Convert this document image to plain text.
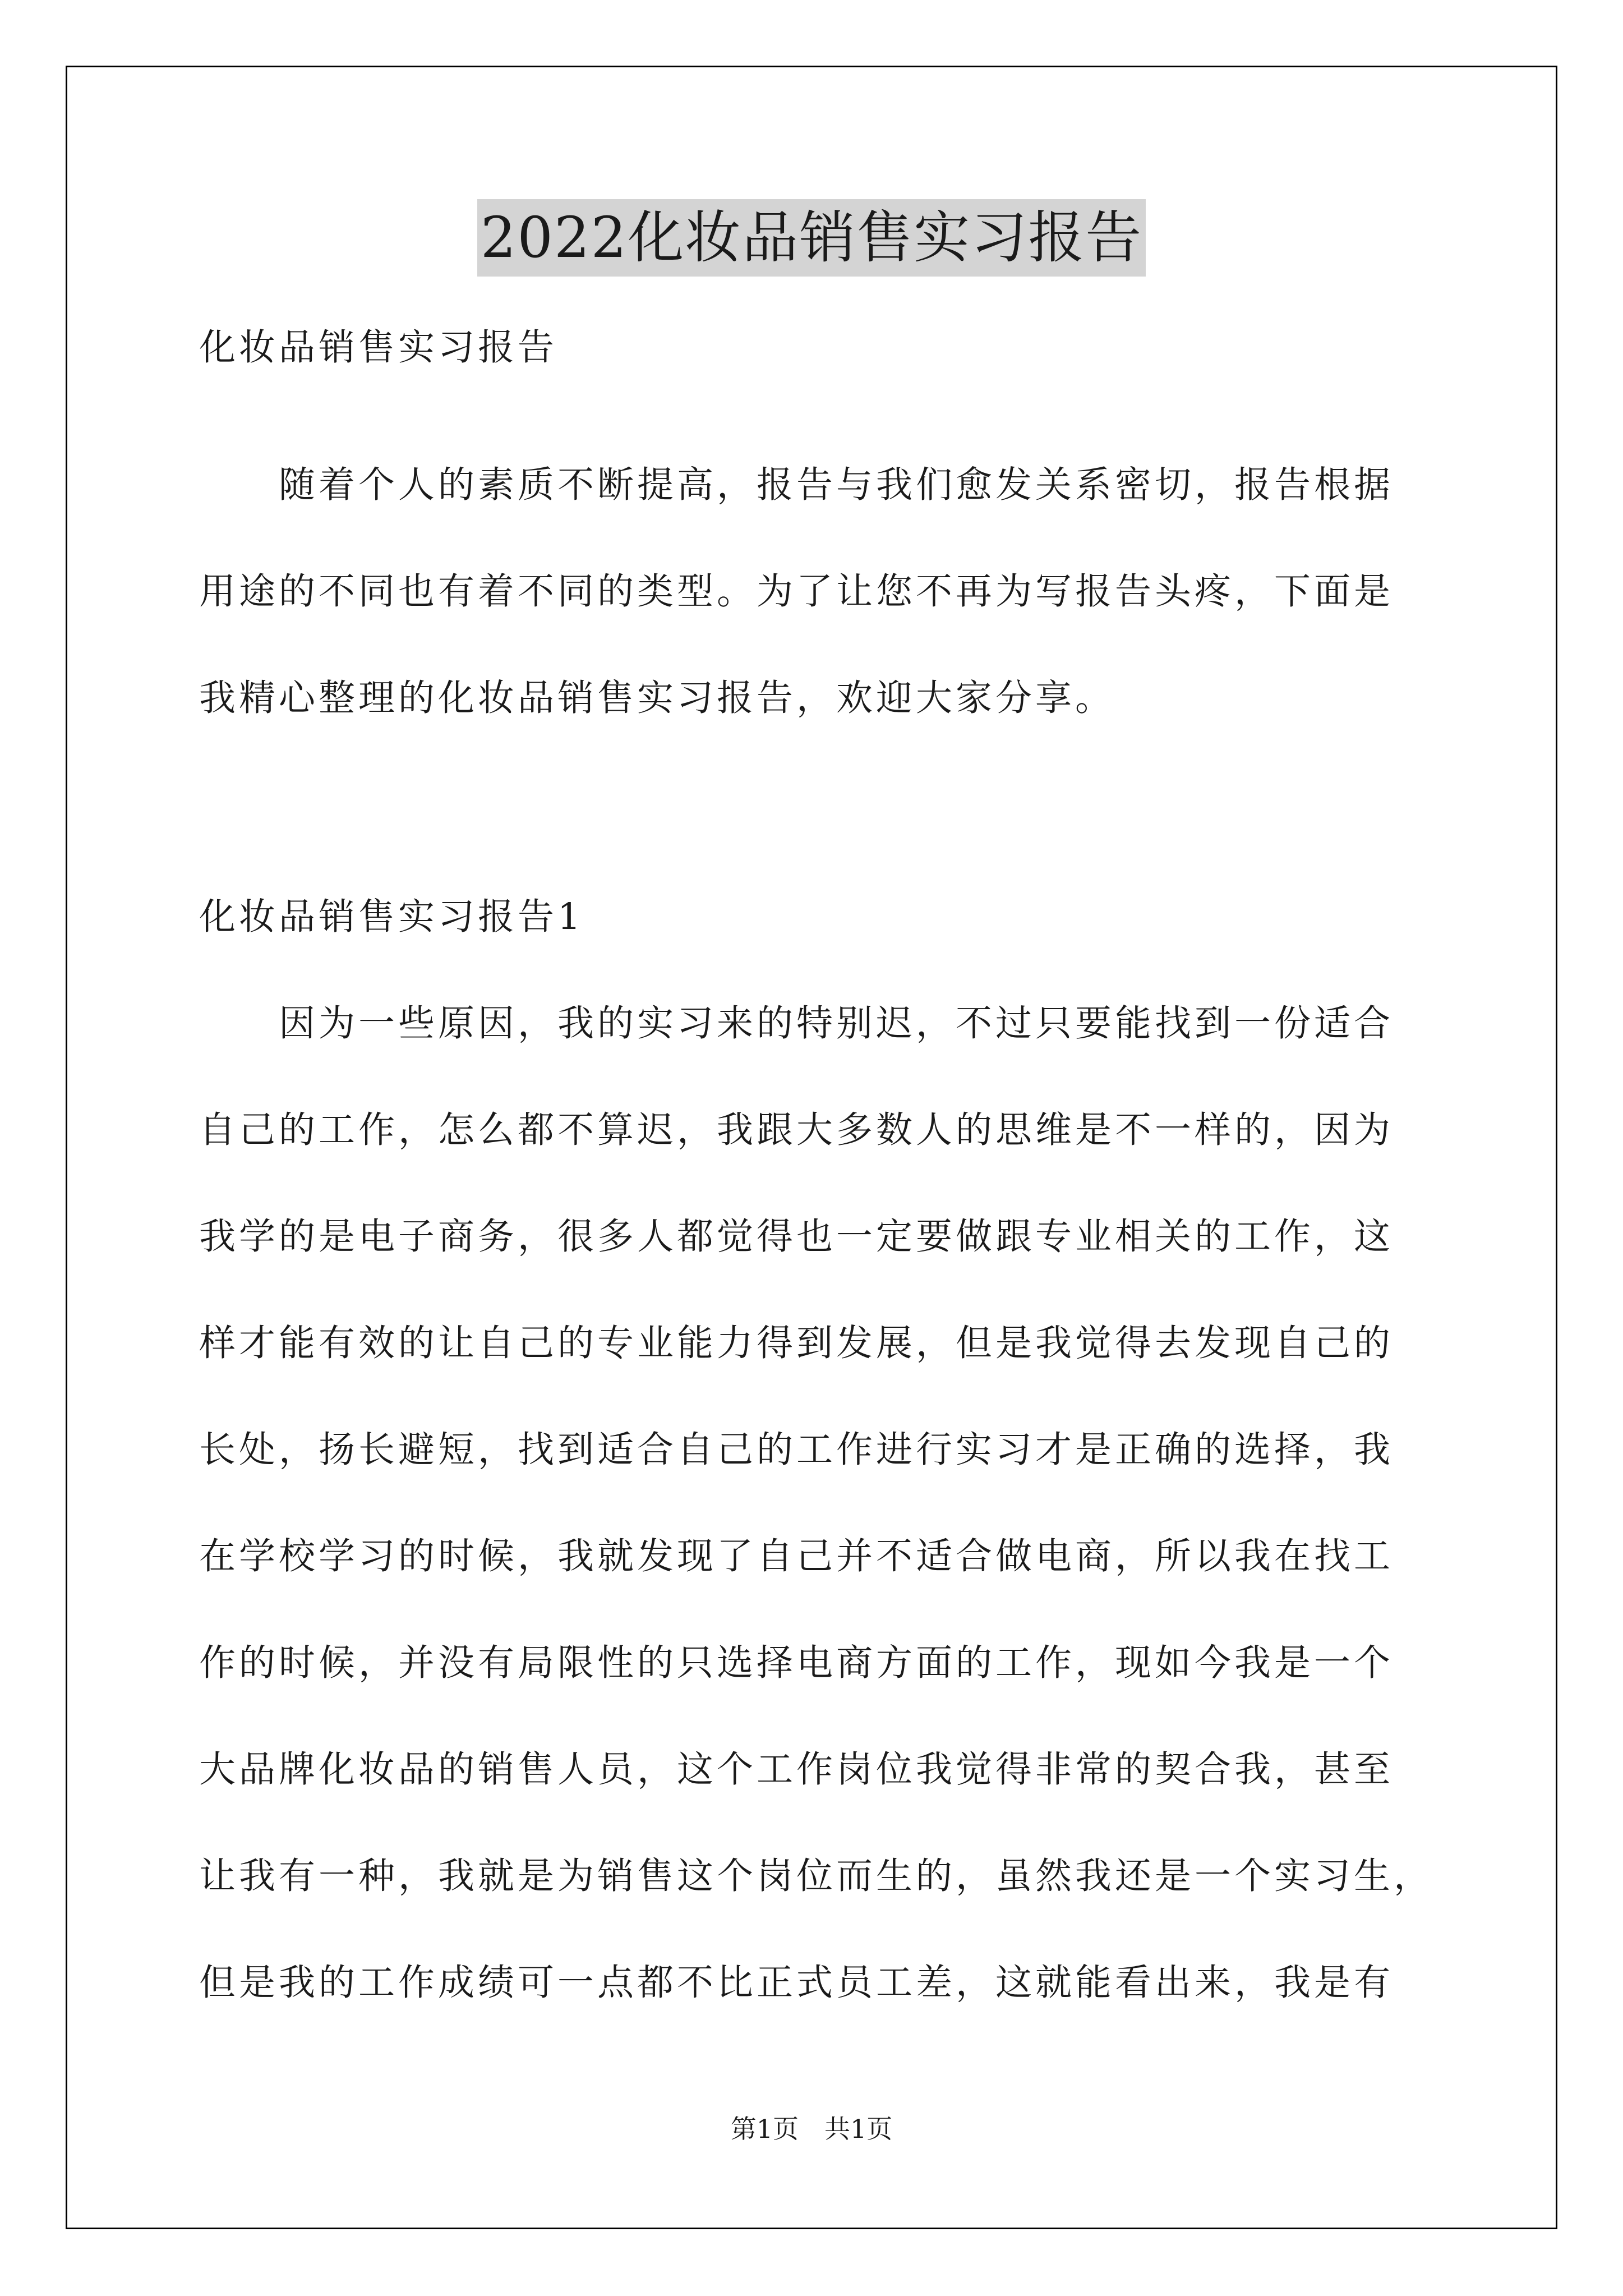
2022化妆品销售实习报告
化妆品销售实习报告
　　随着个人的素质不断提高，报告与我们愈发关系密切，报告根据
用途的不同也有着不同的类型。为了让您不再为写报告头疼，下面是
我精心整理的化妆品销售实习报告，欢迎大家分享。
化妆品销售实习报告1
　　因为一些原因，我的实习来的特别迟，不过只要能找到一份适合
自己的工作，怎么都不算迟，我跟大多数人的思维是不一样的，因为
我学的是电子商务，很多人都觉得也一定要做跟专业相关的工作，这
样才能有效的让自己的专业能力得到发展，但是我觉得去发现自己的
长处，扬长避短，找到适合自己的工作进行实习才是正确的选择，我
在学校学习的时候，我就发现了自己并不适合做电商，所以我在找工
作的时候，并没有局限性的只选择电商方面的工作，现如今我是一个
大品牌化妆品的销售人员，这个工作岗位我觉得非常的契合我，甚至
让我有一种，我就是为销售这个岗位而生的，虽然我还是一个实习生，
但是我的工作成绩可一点都不比正式员工差，这就能看出来，我是有
第1页　共1页
